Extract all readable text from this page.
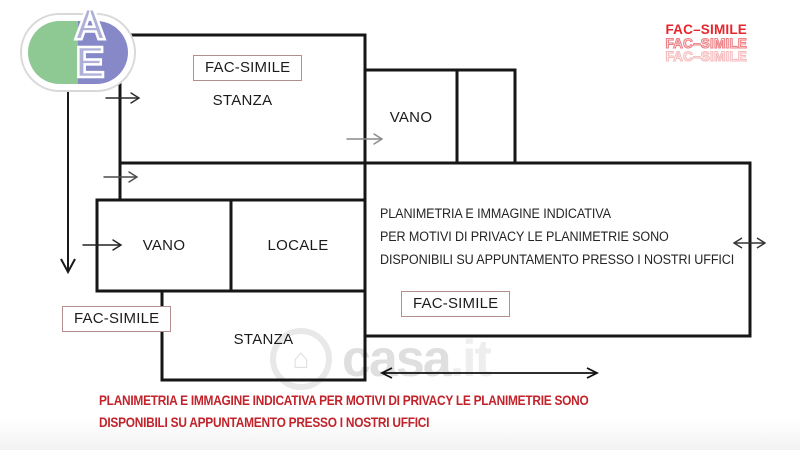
A
E
⌂ casa.it
STANZA
VANO
VANO	LOCALE
STANZA
FAC-SIMILE
FAC-SIMILE
FAC-SIMILE
PLANIMETRIA E IMMAGINE INDICATIVA
PER MOTIVI DI PRIVACY LE PLANIMETRIE SONO
DISPONIBILI SU APPUNTAMENTO PRESSO I NOSTRI UFFICI
PLANIMETRIA E IMMAGINE INDICATIVA PER MOTIVI DI PRIVACY LE PLANIMETRIE SONO
DISPONIBILI SU APPUNTAMENTO PRESSO I NOSTRI UFFICI
FAC–SIMILE
FAC–SIMILE
FAC–SIMILE
